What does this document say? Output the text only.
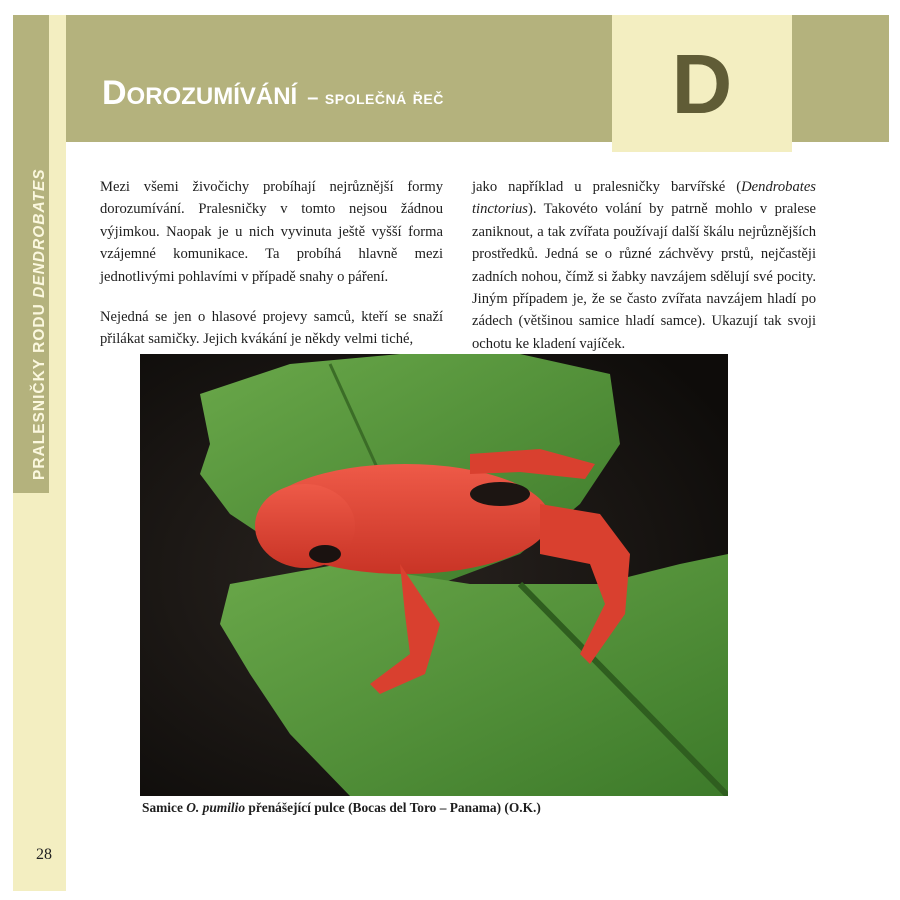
PRALESNIČKY RODU DENDROBATES
D
Dorozumívání – společná řeč

Mezi všemi živočichy probíhají nejrůznější formy dorozumívání. Pralesničky v tomto nejsou žádnou výjimkou. Naopak je u nich vyvinuta ještě vyšší forma vzájemné komunikace. Ta probíhá hlavně mezi jednotlivými pohlavími v případě snahy o páření.

Nejedná se jen o hlasové projevy samců, kteří se snaží přilákat samičky. Jejich kvákání je někdy velmi tiché,

jako například u pralesničky barvířské (Dendrobates tinctorius). Takovéto volání by patrně mohlo v pralese zaniknout, a tak zvířata používají další škálu nejrůznějších prostředků. Jedná se o různé záchvěvy prstů, nejčastěji zadních nohou, čímž si žabky navzájem sdělují své pocity. Jiným případem je, že se často zvířata navzájem hladí po zádech (většinou samice hladí samce). Ukazují tak svoji ochotu ke kladení vajíček.

Samice O. pumilio přenášející pulce (Bocas del Toro – Panama) (O.K.)
28
